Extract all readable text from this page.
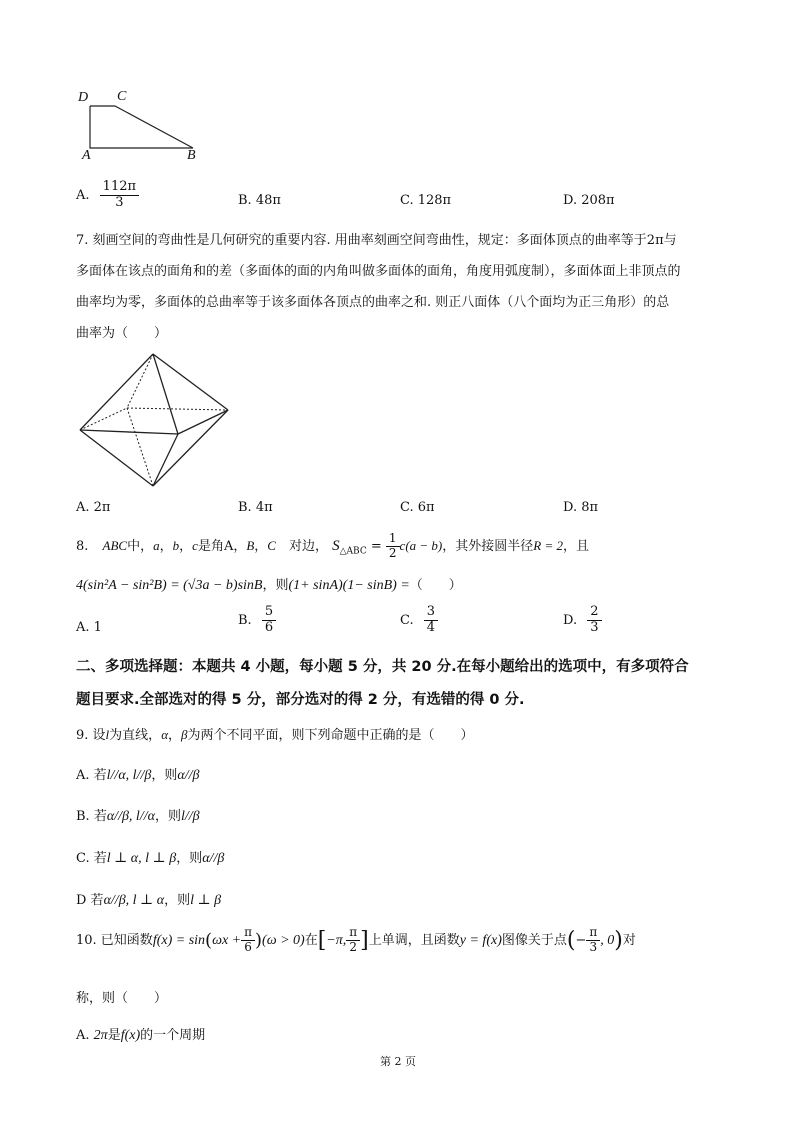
D C
A	B
A. $\frac{112\pi}{3}$	B. 48π	C. 128π	D. 208π
7. 刻画空间的弯曲性是几何研究的重要内容. 用曲率刻画空间弯曲性，规定：多面体顶点的曲率等于2π与
多面体在该点的面角和的差（多面体的面的内角叫做多面体的面角，角度用弧度制），多面体面上非顶点的
曲率均为零，多面体的总曲率等于该多面体各顶点的曲率之和. 则正八面体（八个面均为正三角形）的总
曲率为（　　）
A. 2π	B. 4π	C. 6π	D. 8π
8. ABC中，a，b，c是角A，B，C　对边， $S_{\triangle ABC} = \frac{1}{2} c(a - b)$，其外接圆半径R = 2，且
4(sin²A − sin²B) = (√3a − b)sinB，则(1+ sinA)(1− sinB) =（　　）
A. 1	B. $\frac{5}{6}$	C. $\frac{3}{4}$	D. $\frac{2}{3}$
二、多项选择题：本题共 4 小题，每小题 5 分，共 20 分.在每小题给出的选项中，有多项符合
题目要求.全部选对的得 5 分，部分选对的得 2 分，有选错的得 0 分.
9. 设l为直线，α，β为两个不同平面，则下列命题中正确的是（　　）
A. 若l//α, l//β，则α//β
B. 若α//β, l//α，则l//β
C. 若l ⊥ α, l ⊥ β，则α//β
D 若α//β, l ⊥ α，则l ⊥ β
10. 已知函数$f(x) = \sin(\omega x + \frac{\pi}{6} )(\omega > 0)$在[−π, $\frac{\pi}{2}$ ]上单调，且函数y = f(x)图像关于点(− $\frac{\pi}{3}$ , 0)对
称，则（　　）
A. 2π是f(x)的一个周期
第 2 页
